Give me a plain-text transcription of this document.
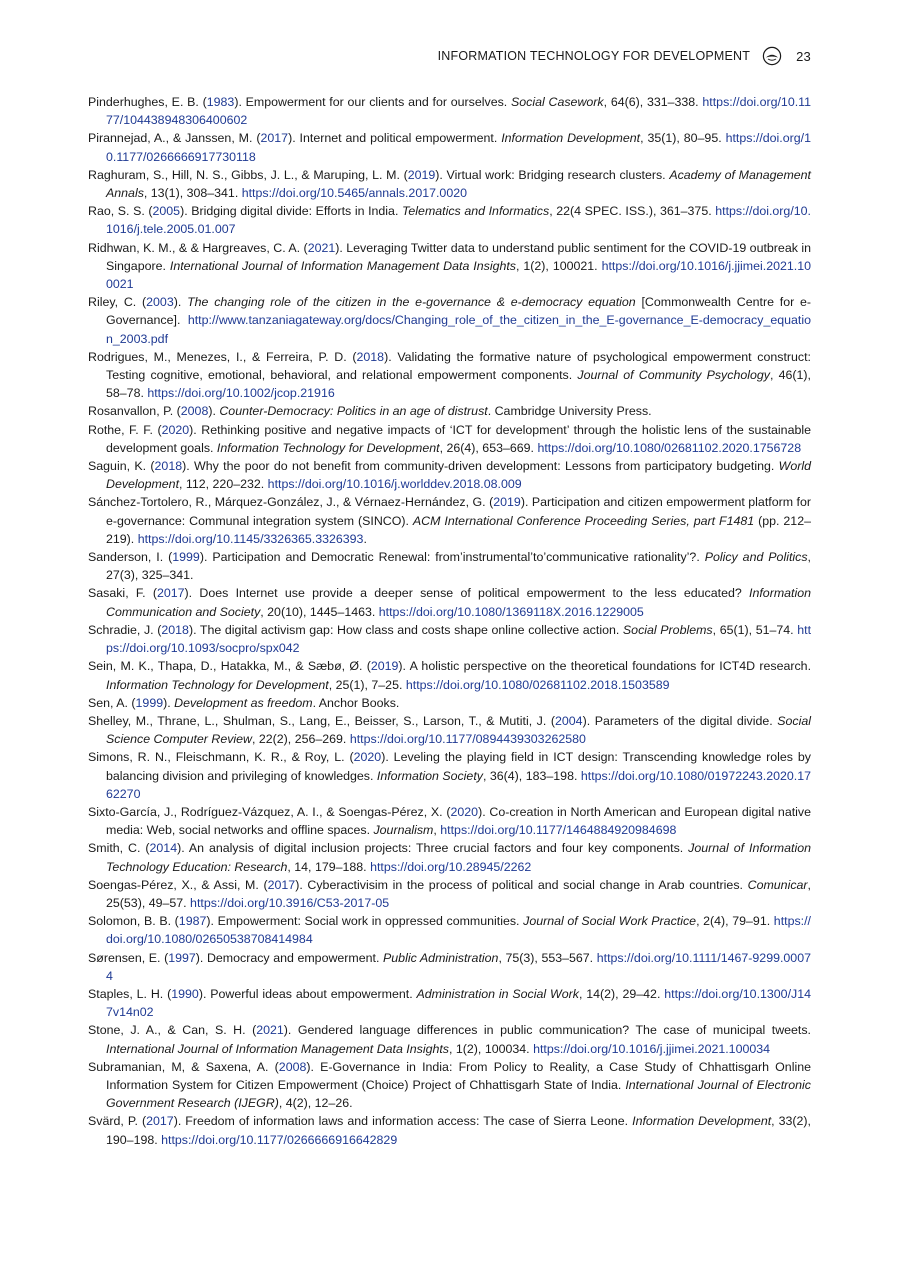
INFORMATION TECHNOLOGY FOR DEVELOPMENT	23

Pinderhughes, E. B. (1983). Empowerment for our clients and for ourselves. Social Casework, 64(6), 331–338. https://doi.org/10.1177/104438948306400602

Pirannejad, A., & Janssen, M. (2017). Internet and political empowerment. Information Development, 35(1), 80–95. https://doi.org/10.1177/0266666917730118

Raghuram, S., Hill, N. S., Gibbs, J. L., & Maruping, L. M. (2019). Virtual work: Bridging research clusters. Academy of Management Annals, 13(1), 308–341. https://doi.org/10.5465/annals.2017.0020

Rao, S. S. (2005). Bridging digital divide: Efforts in India. Telematics and Informatics, 22(4 SPEC. ISS.), 361–375. https://doi.org/10.1016/j.tele.2005.01.007

Ridhwan, K. M., & & Hargreaves, C. A. (2021). Leveraging Twitter data to understand public sentiment for the COVID-19 outbreak in Singapore. International Journal of Information Management Data Insights, 1(2), 100021. https://doi.org/10.1016/j.jjimei.2021.100021

Riley, C. (2003). The changing role of the citizen in the e-governance & e-democracy equation [Commonwealth Centre for e-Governance]. http://www.tanzaniagateway.org/docs/Changing_role_of_the_citizen_in_the_E-governance_E-democracy_equation_2003.pdf

Rodrigues, M., Menezes, I., & Ferreira, P. D. (2018). Validating the formative nature of psychological empowerment construct: Testing cognitive, emotional, behavioral, and relational empowerment components. Journal of Community Psychology, 46(1), 58–78. https://doi.org/10.1002/jcop.21916

Rosanvallon, P. (2008). Counter-Democracy: Politics in an age of distrust. Cambridge University Press.

Rothe, F. F. (2020). Rethinking positive and negative impacts of ‘ICT for development’ through the holistic lens of the sustainable development goals. Information Technology for Development, 26(4), 653–669. https://doi.org/10.1080/02681102.2020.1756728

Saguin, K. (2018). Why the poor do not benefit from community-driven development: Lessons from participatory budgeting. World Development, 112, 220–232. https://doi.org/10.1016/j.worlddev.2018.08.009

Sánchez-Tortolero, R., Márquez-González, J., & Vérnaez-Hernández, G. (2019). Participation and citizen empowerment platform for e-governance: Communal integration system (SINCO). ACM International Conference Proceeding Series, part F1481 (pp. 212–219). https://doi.org/10.1145/3326365.3326393.

Sanderson, I. (1999). Participation and Democratic Renewal: from’instrumental’to’communicative rationality’?. Policy and Politics, 27(3), 325–341.

Sasaki, F. (2017). Does Internet use provide a deeper sense of political empowerment to the less educated? Information Communication and Society, 20(10), 1445–1463. https://doi.org/10.1080/1369118X.2016.1229005

Schradie, J. (2018). The digital activism gap: How class and costs shape online collective action. Social Problems, 65(1), 51–74. https://doi.org/10.1093/socpro/spx042

Sein, M. K., Thapa, D., Hatakka, M., & Sæbø, Ø. (2019). A holistic perspective on the theoretical foundations for ICT4D research. Information Technology for Development, 25(1), 7–25. https://doi.org/10.1080/02681102.2018.1503589

Sen, A. (1999). Development as freedom. Anchor Books.

Shelley, M., Thrane, L., Shulman, S., Lang, E., Beisser, S., Larson, T., & Mutiti, J. (2004). Parameters of the digital divide. Social Science Computer Review, 22(2), 256–269. https://doi.org/10.1177/0894439303262580

Simons, R. N., Fleischmann, K. R., & Roy, L. (2020). Leveling the playing field in ICT design: Transcending knowledge roles by balancing division and privileging of knowledges. Information Society, 36(4), 183–198. https://doi.org/10.1080/01972243.2020.1762270

Sixto-García, J., Rodríguez-Vázquez, A. I., & Soengas-Pérez, X. (2020). Co-creation in North American and European digital native media: Web, social networks and offline spaces. Journalism, https://doi.org/10.1177/1464884920984698

Smith, C. (2014). An analysis of digital inclusion projects: Three crucial factors and four key components. Journal of Information Technology Education: Research, 14, 179–188. https://doi.org/10.28945/2262

Soengas-Pérez, X., & Assi, M. (2017). Cyberactivisim in the process of political and social change in Arab countries. Comunicar, 25(53), 49–57. https://doi.org/10.3916/C53-2017-05

Solomon, B. B. (1987). Empowerment: Social work in oppressed communities. Journal of Social Work Practice, 2(4), 79–91. https://doi.org/10.1080/02650538708414984

Sørensen, E. (1997). Democracy and empowerment. Public Administration, 75(3), 553–567. https://doi.org/10.1111/1467-9299.00074

Staples, L. H. (1990). Powerful ideas about empowerment. Administration in Social Work, 14(2), 29–42. https://doi.org/10.1300/J147v14n02

Stone, J. A., & Can, S. H. (2021). Gendered language differences in public communication? The case of municipal tweets. International Journal of Information Management Data Insights, 1(2), 100034. https://doi.org/10.1016/j.jjimei.2021.100034

Subramanian, M, & Saxena, A. (2008). E-Governance in India: From Policy to Reality, a Case Study of Chhattisgarh Online Information System for Citizen Empowerment (Choice) Project of Chhattisgarh State of India. International Journal of Electronic Government Research (IJEGR), 4(2), 12–26.

Svärd, P. (2017). Freedom of information laws and information access: The case of Sierra Leone. Information Development, 33(2), 190–198. https://doi.org/10.1177/0266666916642829
